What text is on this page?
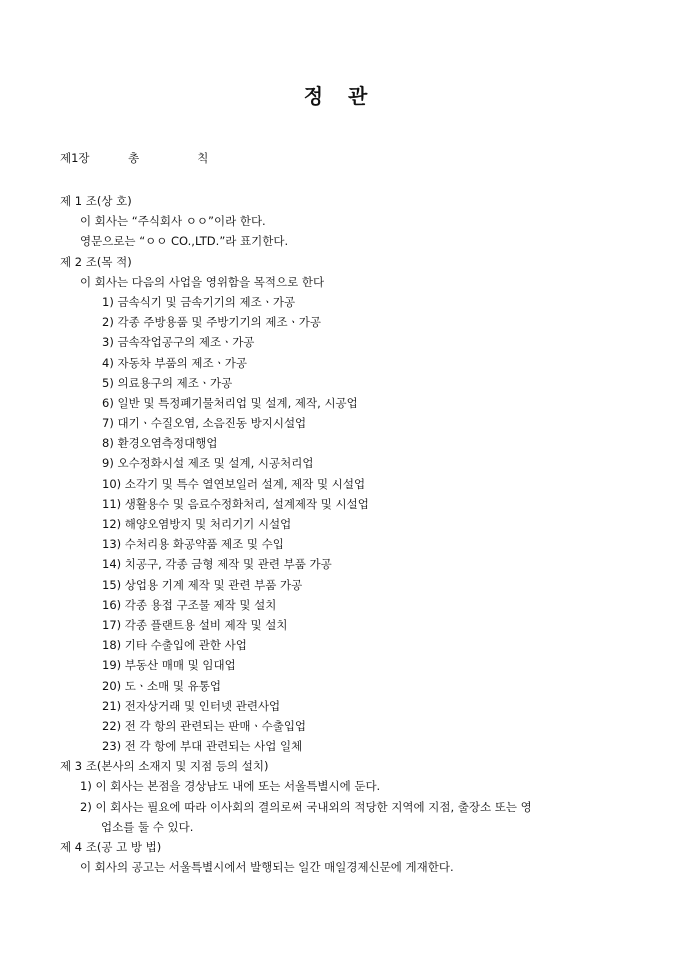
정 관
제1장    총      칙
제 1 조(상 호)
이 회사는 “주식회사 ㅇㅇ”이라 한다.
영문으로는 “ㅇㅇ CO.,LTD.”라 표기한다.
제 2 조(목 적)
이 회사는 다음의 사업을 영위함을 목적으로 한다
1) 금속식기 및 금속기기의 제조ㆍ가공
2) 각종 주방용품 및 주방기기의 제조ㆍ가공
3) 금속작업공구의 제조ㆍ가공
4) 자동차 부품의 제조ㆍ가공
5) 의료용구의 제조ㆍ가공
6) 일반 및 특정폐기물처리업 및 설계, 제작, 시공업
7) 대기ㆍ수질오염, 소음진동 방지시설업
8) 환경오염측정대행업
9) 오수정화시설 제조 및 설계, 시공처리업
10) 소각기 및 특수 열연보일러 설계, 제작 및 시설업
11) 생활용수 및 음료수정화처리, 설계제작 및 시설업
12) 해양오염방지 및 처리기기 시설업
13) 수처리용 화공약품 제조 및 수입
14) 치공구, 각종 금형 제작 및 관련 부품 가공
15) 상업용 기계 제작 및 관련 부품 가공
16) 각종 용접 구조물 제작 및 설치
17) 각종 플랜트용 설비 제작 및 설치
18) 기타 수출입에 관한 사업
19) 부동산 매매 및 임대업
20) 도ㆍ소매 및 유통업
21) 전자상거래 및 인터넷 관련사업
22) 전 각 항의 관련되는 판매ㆍ수출입업
23) 전 각 항에 부대 관련되는 사업 일체
제 3 조(본사의 소재지 및 지점 등의 설치)
1) 이 회사는 본점을 경상남도 내에 또는 서울특별시에 둔다.
2) 이 회사는 필요에 따라 이사회의 결의로써 국내외의 적당한 지역에 지점, 출장소 또는 영
업소를 둘 수 있다.
제 4 조(공 고 방 법)
이 회사의 공고는 서울특별시에서 발행되는 일간 매일경제신문에 게재한다.
